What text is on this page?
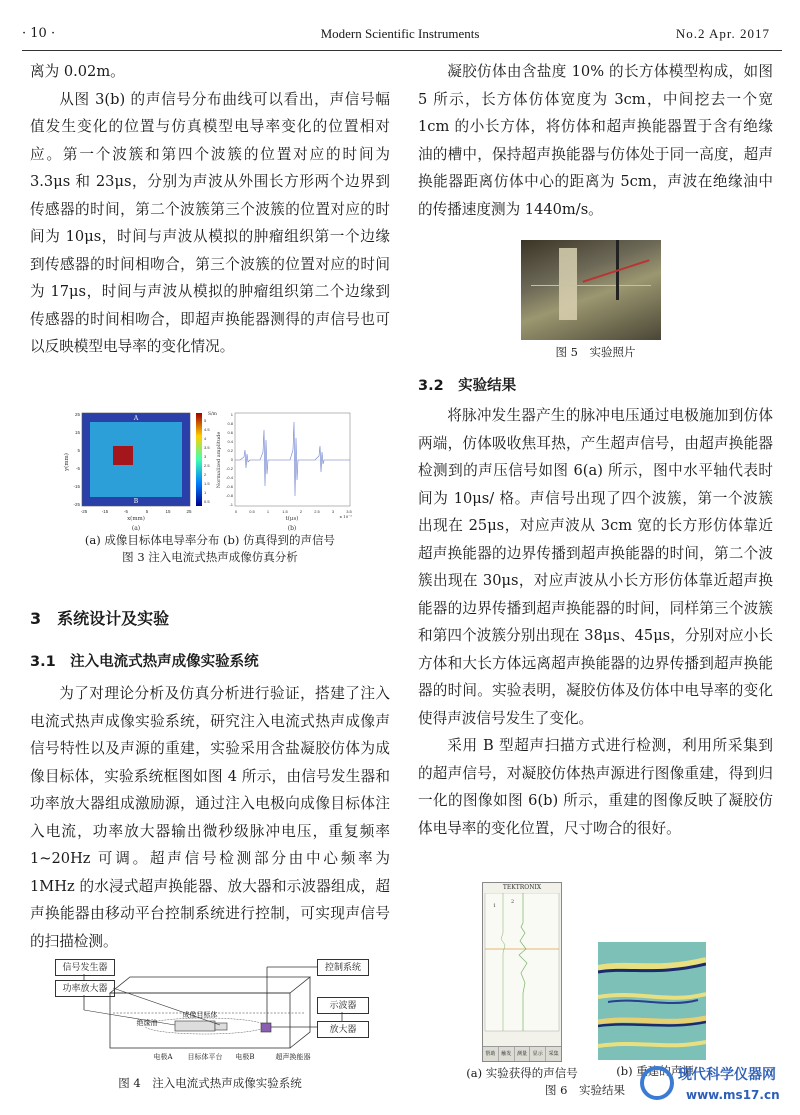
· 10 ·	Modern Scientific Instruments	No.2 Apr. 2017

离为 0.02m。

从图 3(b) 的声信号分布曲线可以看出，声信号幅值发生变化的位置与仿真模型电导率变化的位置相对应。第一个波簇和第四个波簇的位置对应的时间为 3.3μs 和 23μs，分别为声波从外围长方形两个边界到传感器的时间，第二个波簇第三个波簇的位置对应的时间为 10μs，时间与声波从模拟的肿瘤组织第一个边缘到传感器的时间相吻合，第三个波簇的位置对应的时间为 17μs，时间与声波从模拟的肿瘤组织第二个边缘到传感器的时间相吻合，即超声换能器测得的声信号也可以反映模型电导率的变化情况。

A
B
25
15
5
-5
-15
-25
-25	-15	-5	5	15	25
x(mm)
y(mm)
(a)
S/m
5
4.5
4
3.5
3
2.5
2
1.5
1
0.5
1
0.8
0.6
0.4
0.2
0
-0.2
-0.4
-0.6
-0.8
-1
0	0.5	1	1.5	2	2.5	3	3.5
x 10⁻⁵
t(μs)
Normalized amplitude
(b)
(a) 成像目标体电导率分布 (b) 仿真得到的声信号
图 3 注入电流式热声成像仿真分析
3　系统设计及实验
3.1　注入电流式热声成像实验系统

为了对理论分析及仿真分析进行验证，搭建了注入电流式热声成像实验系统，研究注入电流式热声成像声信号特性以及声源的重建，实验采用含盐凝胶仿体为成像目标体，实验系统框图如图 4 所示，由信号发生器和功率放大器组成激励源，通过注入电极向成像目标体注入电流，功率放大器输出微秒级脉冲电压，重复频率 1~20Hz 可调。超声信号检测部分由中心频率为 1MHz 的水浸式超声换能器、放大器和示波器组成，超声换能器由移动平台控制系统进行控制，可实现声信号的扫描检测。

信号发生器
功率放大器
控制系统
示波器
放大器
绝缘油
成像目标体
电极A 目标体平台 电极B	超声换能器
图 4　注入电流式热声成像实验系统

凝胶仿体由含盐度 10% 的长方体模型构成，如图 5 所示，长方体仿体宽度为 3cm，中间挖去一个宽 1cm 的小长方体，将仿体和超声换能器置于含有绝缘油的槽中，保持超声换能器与仿体处于同一高度，超声换能器距离仿体中心的距离为 5cm，声波在绝缘油中的传播速度测为 1440m/s。

图 5　实验照片
3.2　实验结果

将脉冲发生器产生的脉冲电压通过电极施加到仿体两端，仿体吸收焦耳热，产生超声信号，由超声换能器检测到的声压信号如图 6(a) 所示，图中水平轴代表时间为 10μs/ 格。声信号出现了四个波簇，第一个波簇出现在 25μs，对应声波从 3cm 宽的长方形仿体靠近超声换能器的边界传播到超声换能器的时间，第二个波簇出现在 30μs，对应声波从小长方形仿体靠近超声换能器的边界传播到超声换能器的时间，同样第三个波簇和第四个波簇分别出现在 38μs、45μs，分别对应小长方体和大长方体远离超声换能器的边界传播到超声换能器的时间。实验表明，凝胶仿体及仿体中电导率的变化使得声波信号发生了变化。

采用 B 型超声扫描方式进行检测，利用所采集到的超声信号，对凝胶仿体热声源进行图像重建，得到归一化的图像如图 6(b) 所示，重建的图像反映了凝胶仿体电导率的变化位置，尺寸吻合的很好。

TEKTRONIX
1
2
帮助	触发	测量	显示	采集
(a) 实验获得的声信号	(b) 重建的声源
图 6　实验结果
现代科学仪器网
www.ms17.cn
